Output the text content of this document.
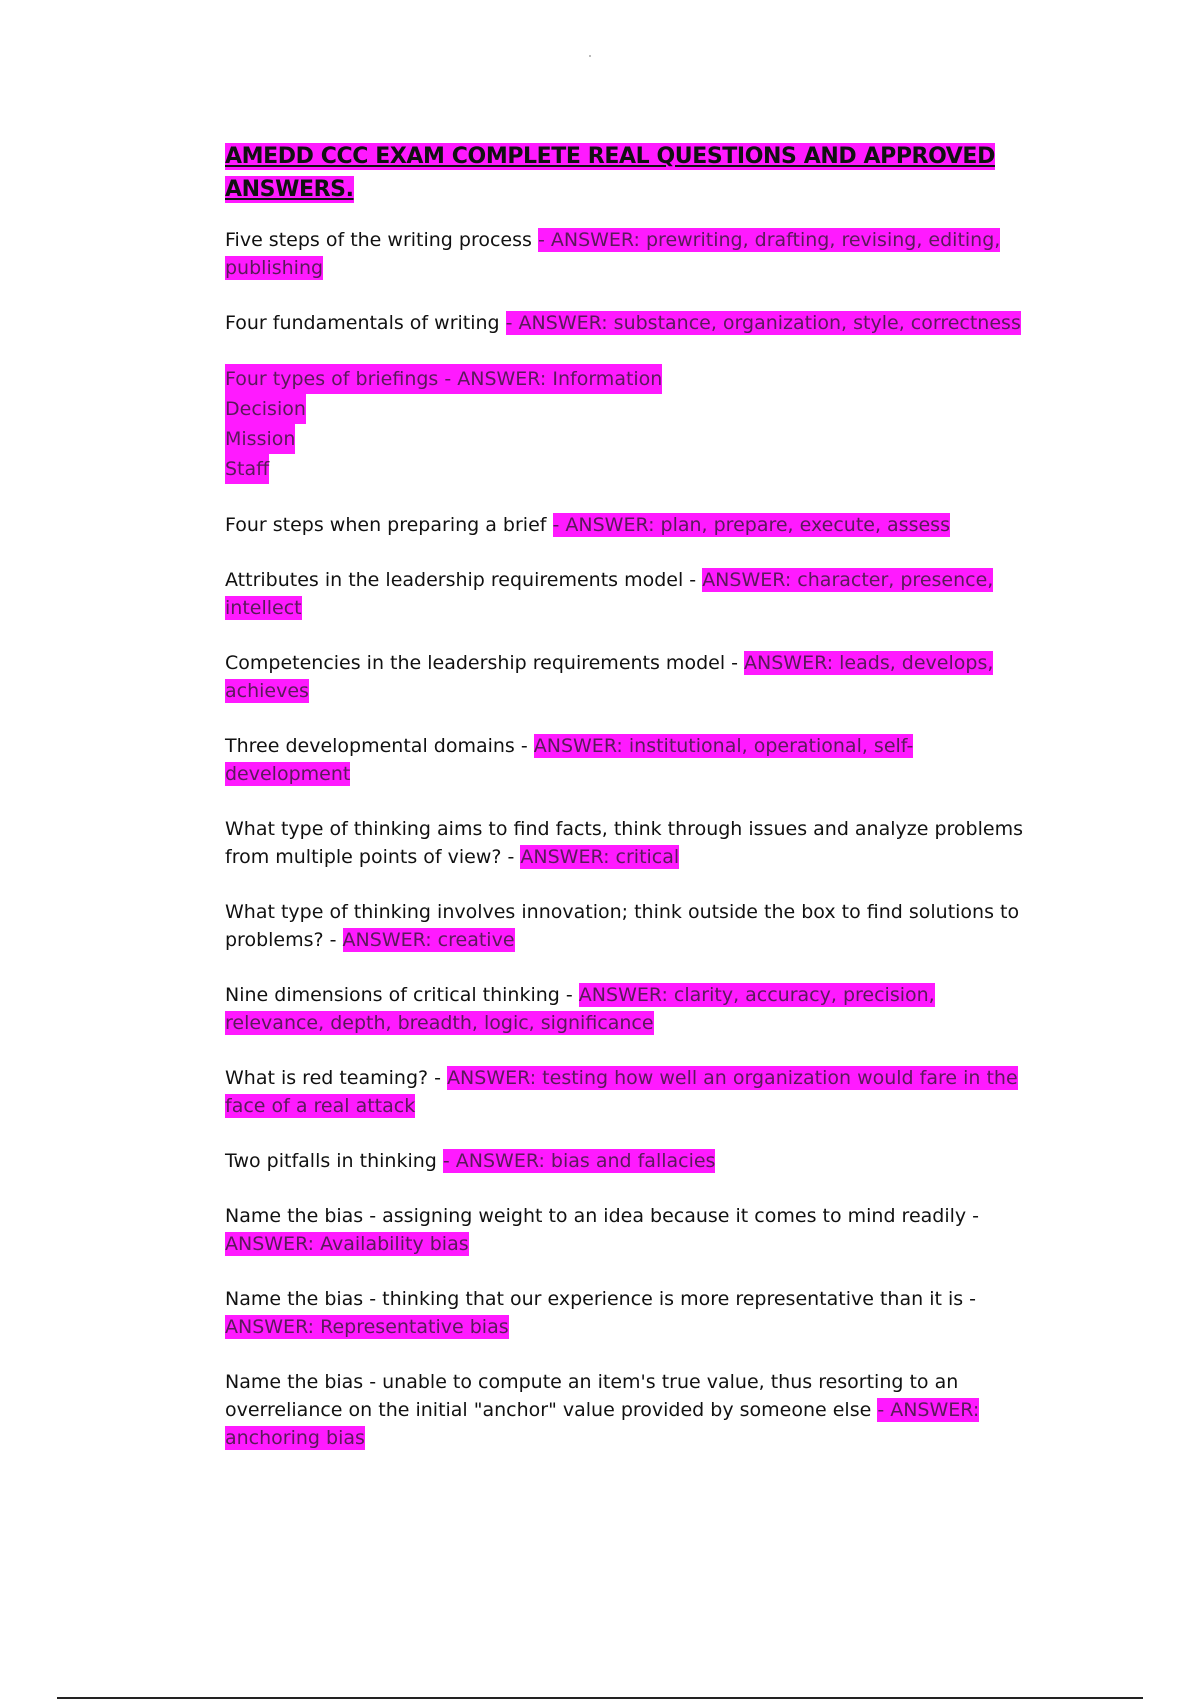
AMEDD CCC EXAM COMPLETE REAL QUESTIONS AND APPROVED ANSWERS.
Five steps of the writing process - ANSWER: prewriting, drafting, revising, editing, publishing
Four fundamentals of writing - ANSWER: substance, organization, style, correctness
Four types of briefings - ANSWER: Information
Decision
Mission
Staff
Four steps when preparing a brief - ANSWER: plan, prepare, execute, assess
Attributes in the leadership requirements model - ANSWER: character, presence, intellect
Competencies in the leadership requirements model - ANSWER: leads, develops, achieves
Three developmental domains - ANSWER: institutional, operational, self-development
What type of thinking aims to find facts, think through issues and analyze problems from multiple points of view? - ANSWER: critical
What type of thinking involves innovation; think outside the box to find solutions to problems? - ANSWER: creative
Nine dimensions of critical thinking - ANSWER: clarity, accuracy, precision, relevance, depth, breadth, logic, significance
What is red teaming? - ANSWER: testing how well an organization would fare in the face of a real attack
Two pitfalls in thinking - ANSWER: bias and fallacies
Name the bias - assigning weight to an idea because it comes to mind readily - ANSWER: Availability bias
Name the bias - thinking that our experience is more representative than it is - ANSWER: Representative bias
Name the bias - unable to compute an item's true value, thus resorting to an overreliance on the initial "anchor" value provided by someone else - ANSWER: anchoring bias
